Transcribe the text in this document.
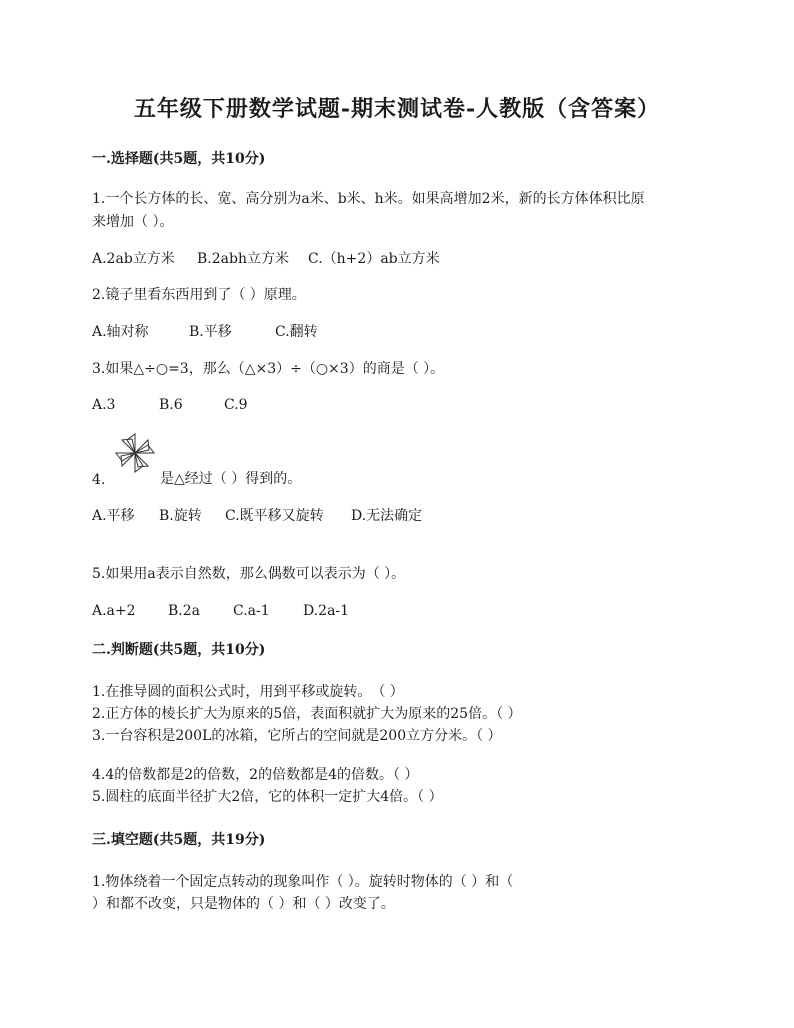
五年级下册数学试题-期末测试卷-人教版（含答案）
一.选择题(共5题，共10分)
1.一个长方体的长、宽、高分别为a米、b米、h米。如果高增加2米，新的长方体体积比原
来增加（ ）。
A.2ab立方米 B.2abh立方米 C.（h+2）ab立方米
2.镜子里看东西用到了（ ）原理。
A.轴对称	B.平移	C.翻转
3.如果△÷○=3，那么（△×3）÷（○×3）的商是（ ）。
A.3	B.6	C.9
4.	是△经过（ ）得到的。
A.平移 B.旋转 C.既平移又旋转 D.无法确定
5.如果用a表示自然数，那么偶数可以表示为（ ）。
A.a+2 B.2a C.a-1 D.2a-1
二.判断题(共5题，共10分)
1.在推导圆的面积公式时，用到平移或旋转。　（ ）
2.正方体的棱长扩大为原来的5倍，表面积就扩大为原来的25倍。（ ）
3.一台容积是200L的冰箱，它所占的空间就是200立方分米。（ ）
4.4的倍数都是2的倍数，2的倍数都是4的倍数。（ ）
5.圆柱的底面半径扩大2倍，它的体积一定扩大4倍。（ ）
三.填空题(共5题，共19分)
1.物体绕着一个固定点转动的现象叫作（ ）。旋转时物体的（ ）和（
）和都不改变，只是物体的（ ）和（ ）改变了。
